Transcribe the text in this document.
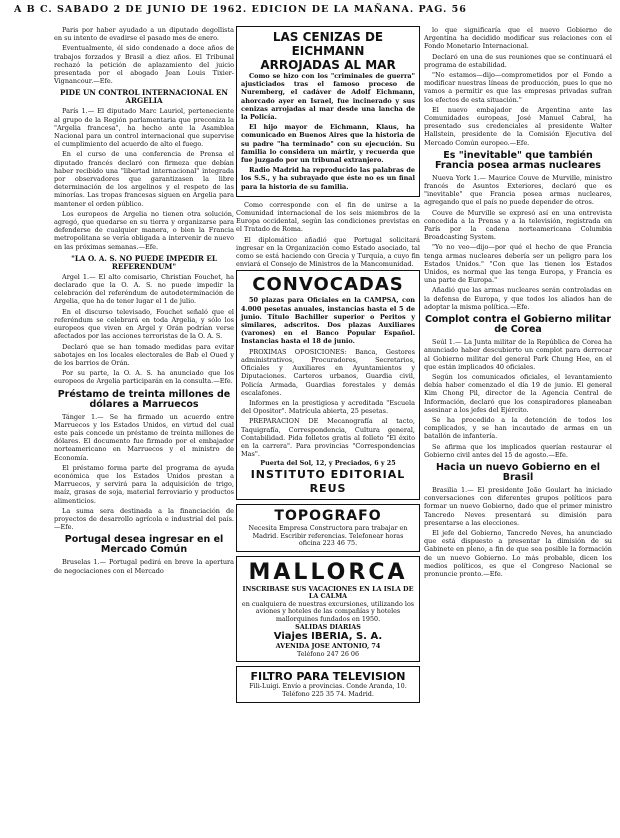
A B C. SABADO 2 DE JUNIO DE 1962. EDICION DE LA MAÑANA. PAG. 56

Paris por haber ayudado a un diputado degollista en su intento de evadirse el pasado mes de enero.

Eventualmente, él sido condenado a doce años de trabajos forzados y Brasil a diez años. El Tribunal rechazó la petición de aplazamiento del juicio presentada por el abogado Jean Louis Tixier-Vignancour.—Efe.

PIDE UN CONTROL INTERNACIONAL EN ARGELIA

París 1.— El diputado Marc Lauriol, perteneciente al grupo de la Región parlamentaria que preconiza la "Argelia francesa", ha hecho ante la Asamblea Nacional para un control internacional que supervise el cumplimiento del acuerdo de alto el fuego.

En el curso de una conferencia de Prensa el diputado francés declaró con firmeza que debían haber recibido una "libertad internacional" integrada por observadores que garantizasen la libre determinación de los argelinos y el respeto de las minorías. Las tropas francesas siguen en Argelia para mantener el orden público.

Los europeos de Argelia no tienen otra solución, agregó, que quedarse en su tierra y organizarse para defenderse de cualquier manera, o bien la Francia metropolitana se vería obligada a intervenir de nuevo en las próximas semanas.—Efe.

"LA O. A. S. NO PUEDE IMPEDIR EL REFERENDUM"

Argel 1.— El alto comisario, Christian Fouchet, ha declarado que la O. A. S. no puede impedir la celebración del referéndum de autodeterminación de Argelia, que ha de tener lugar el 1 de julio.

En el discurso televisado, Fouchet señaló que el referéndum se celebrará en toda Argelia, y sólo los europeos que viven en Argel y Orán podrían verse afectados por las acciones terroristas de la O. A. S.

Declaró que se han tomado medidas para evitar sabotajes en los locales electorales de Bab el Oued y de los barrios de Orán.

Por su parte, la O. A. S. ha anunciado que los europeos de Argelia participarán en la consulta.—Efe.

Préstamo de treinta millones de dólares a Marruecos

Tánger 1.— Se ha firmado un acuerdo entre Marruecos y los Estados Unidos, en virtud del cual este país concede un préstamo de treinta millones de dólares. El documento fue firmado por el embajador norteamericano en Marruecos y el ministro de Economía.

El préstamo forma parte del programa de ayuda económica que los Estados Unidos prestan a Marruecos, y servirá para la adquisición de trigo, maíz, grasas de soja, material ferroviario y productos alimenticios.

La suma sera destinada a la financiación de proyectos de desarrollo agrícola e industrial del país.—Efe.

Portugal desea ingresar en el Mercado Común

Bruselas 1.— Portugal pedirá en breve la apertura de negociaciones con el Mercado

LAS CENIZAS DE EICHMANN
ARROJADAS AL MAR

Como se hizo con los "criminales de guerra" ajusticiados tras el famoso proceso de Nuremberg, el cadáver de Adolf Eichmann, ahorcado ayer en Israel, fue incinerado y sus cenizas arrojadas al mar desde una lancha de la Policía.

El hijo mayor de Eichmann, Klaus, ha comunicado en Buenos Aires que la historia de su padre "ha terminado" con su ejecución. Su familia lo considera un mártir, y recuerda que fue juzgado por un tribunal extranjero.

Radio Madrid ha reproducido las palabras de los S.S., y ha subrayado que éste no es un final para la historia de su familia.

Como corresponde con el fin de unirse a la Comunidad internacional de los seis miembros de la Europa occidental, según las condiciones previstas en el Tratado de Roma.

El diplomático añadió que Portugal solicitará ingresar en la Organización como Estado asociado, tal como se está haciendo con Grecia y Turquía, a cuyo fin enviará el Consejo de Ministros de la Mancomunidad.

CONVOCADAS

50 plazas para Oficiales en la CAMPSA, con 4.000 pesetas anuales, instancias hasta el 5 de junio. Título Bachiller superior o Peritos y similares, adscritos. Dos plazas Auxiliares (varones) en el Banco Popular Español. Instancias hasta el 18 de junio.

PROXIMAS OPOSICIONES: Banca, Gestores administrativos, Procuradores, Secretarios, Oficiales y Auxiliares en Ayuntamientos y Diputaciones. Carteros urbanos, Guardia civil, Policía Armada, Guardias forestales y demás escalafones.

Informes en la prestigiosa y acreditada "Escuela del Opositor". Matrícula abierta, 25 pesetas.

PREPARACION DE Mecanografía al tacto, Taquigrafía, Correspondencia, Cultura general, Contabilidad. Pida folletos gratis al folleto "El éxito en la carrera". Para provincias "Correspondencias Mas".

Puerta del Sol, 12, y Preciados, 6 y 25
INSTITUTO EDITORIAL REUS
TOPOGRAFO
Necesita Empresa Constructora para trabajar en Madrid. Escribir referencias. Telefonear horas oficina 223 46 75.
MALLORCA
INSCRIBASE SUS VACACIONES EN LA ISLA DE LA CALMA
en cualquiera de nuestras excursiones, utilizando los aviones y hoteles de las compañías y hoteles mallorquines fundados en 1950.
SALIDAS DIARIAS
Viajes IBERIA, S. A.
AVENIDA JOSE ANTONIO, 74
Teléfono 247 26 06
FILTRO PARA TELEVISION
Fili-Luigi. Envío a provincias. Conde Aranda, 10. Teléfono 225 35 74. Madrid.

lo que significaría que el nuevo Gobierno de Argentina ha decidido modificar sus relaciones con el Fondo Monetario Internacional.

Declaró en una de sus reuniones que se continuará el programa de estabilidad.

"No estamos—dijo—comprometidos por el Fondo a modificar nuestras líneas de producción, pues lo que no vamos a permitir es que las empresas privadas sufran los efectos de esta situación."

El nuevo embajador de Argentina ante las Comunidades europeas, José Manuel Cabral, ha presentado sus credenciales al presidente Walter Hallstein, presidente de la Comisión Ejecutiva del Mercado Común europeo.—Efe.

Es "inevitable" que también Francia posea armas nucleares

Nueva York 1.— Maurice Couve de Murville, ministro francés de Asuntos Exteriores, declaró que es "inevitable" que Francia posea armas nucleares, agregando que el país no puede depender de otros.

Couve de Murville se expresó así en una entrevista concedida a la Prensa y a la televisión, registrada en París por la cadena norteamericana Columbia Broadcasting System.

"Yo no veo—dijo—por qué el hecho de que Francia tenga armas nucleares debería ser un peligro para los Estados Unidos." "Con que las tienen los Estados Unidos, es normal que las tenga Europa, y Francia es una parte de Europa."

Añadió que las armas nucleares serán controladas en la defensa de Europa, y que todos los aliados han de adoptar la misma política.—Efe.

Complot contra el Gobierno militar de Corea

Seúl 1.— La Junta militar de la República de Corea ha anunciado haber descubierto un complot para derrocar al Gobierno militar del general Park Chung Hee, en el que están implicados 40 oficiales.

Según los comunicados oficiales, el levantamiento debía haber comenzado el día 19 de junio. El general Kim Chong Pil, director de la Agencia Central de Información, declaró que los conspiradores planeaban asesinar a los jefes del Ejército.

Se ha procedido a la detención de todos los complicados, y se han incautado de armas en un batallón de infantería.

Se afirma que los implicados querían restaurar el Gobierno civil antes del 15 de agosto.—Efe.

Hacia un nuevo Gobierno en el Brasil

Brasilia 1.— El presidente João Goulart ha iniciado conversaciones con diferentes grupos políticos para formar un nuevo Gobierno, dado que el primer ministro Tancredo Neves presentará su dimisión para presentarse a las elecciones.

El jefe del Gobierno, Tancredo Neves, ha anunciado que está dispuesto a presentar la dimisión de su Gabinete en pleno, a fin de que sea posible la formación de un nuevo Gobierno. Lo más probable, dicen los medios políticos, es que el Congreso Nacional se pronuncie pronto.—Efe.
